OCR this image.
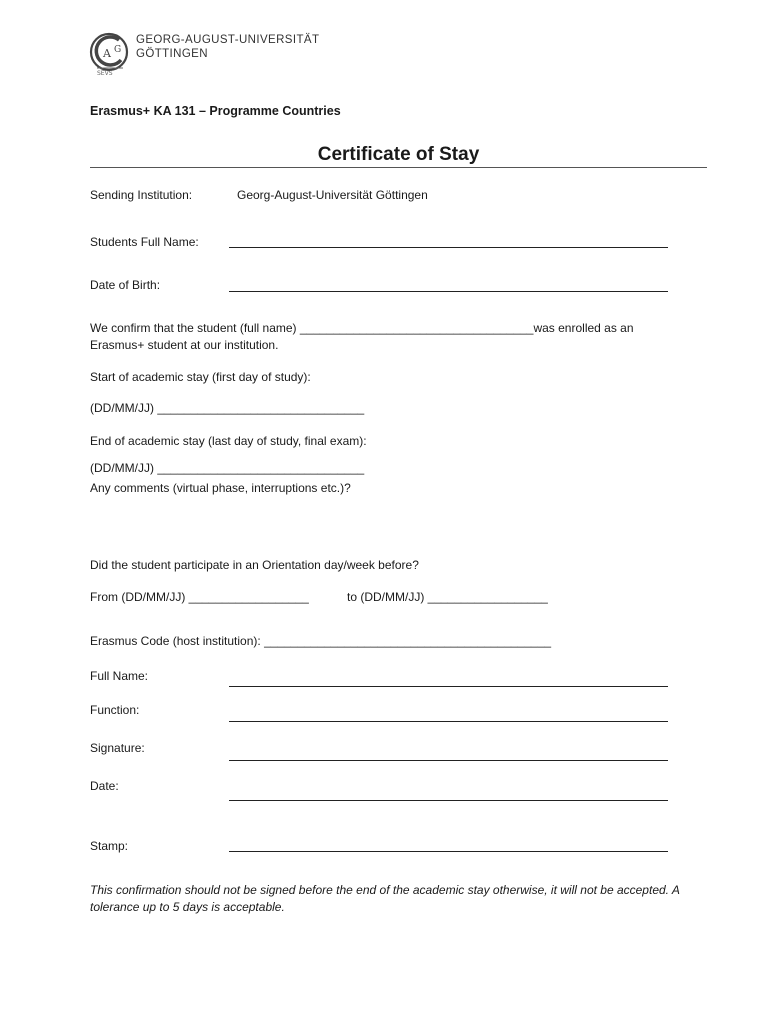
A G
SEVS
GEORG-AUGUST-UNIVERSITÄT
GÖTTINGEN
Erasmus+ KA 131 – Programme Countries
Certificate of Stay
Sending Institution:	Georg-August-Universität Göttingen
Students Full Name:
Date of Birth:
We confirm that the student (full name) ___________________________________was enrolled as an
Erasmus+ student at our institution.
Start of academic stay (first day of study):
(DD/MM/JJ) _______________________________
End of academic stay (last day of study, final exam):
(DD/MM/JJ) _______________________________
Any comments (virtual phase, interruptions etc.)?
Did the student participate in an Orientation day/week before?
From (DD/MM/JJ) __________________	to (DD/MM/JJ) __________________
Erasmus Code (host institution): ___________________________________________
Full Name:
Function:
Signature:
Date:
Stamp:
This confirmation should not be signed before the end of the academic stay otherwise, it will not be accepted. A tolerance up to 5 days is acceptable.
